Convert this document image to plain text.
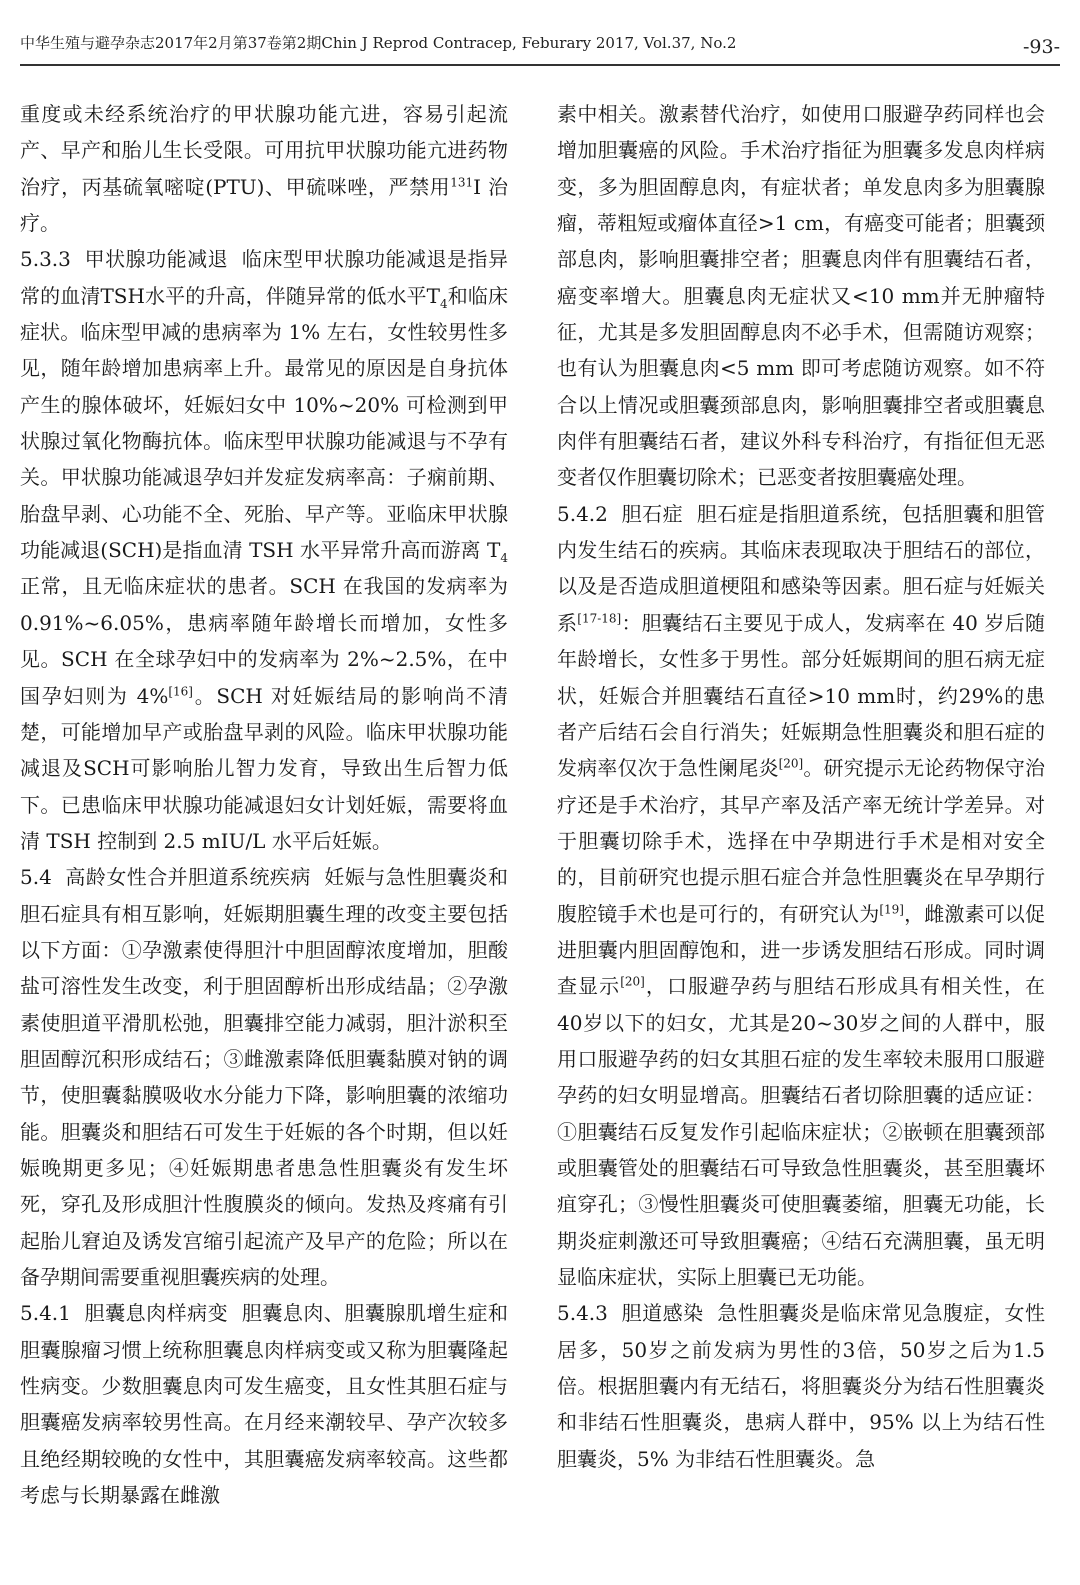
中华生殖与避孕杂志2017年2月第37卷第2期Chin J Reprod Contracep, Feburary 2017, Vol.37, No.2	-93-

重度或未经系统治疗的甲状腺功能亢进，容易引起流产、早产和胎儿生长受限。可用抗甲状腺功能亢进药物治疗，丙基硫氧嘧啶(PTU)、甲硫咪唑，严禁用$^{131}$I 治疗。

5.3.3  甲状腺功能减退  临床型甲状腺功能减退是指异常的血清TSH水平的升高，伴随异常的低水平$T_4$和临床症状。临床型甲减的患病率为 1% 左右，女性较男性多见，随年龄增加患病率上升。最常见的原因是自身抗体产生的腺体破坏，妊娠妇女中 10%~20% 可检测到甲状腺过氧化物酶抗体。临床型甲状腺功能减退与不孕有关。甲状腺功能减退孕妇并发症发病率高：子痫前期、胎盘早剥、心功能不全、死胎、早产等。亚临床甲状腺功能减退(SCH)是指血清 TSH 水平异常升高而游离 $T_4$ 正常，且无临床症状的患者。SCH 在我国的发病率为 0.91%~6.05%，患病率随年龄增长而增加，女性多见。SCH 在全球孕妇中的发病率为 2%~2.5%，在中国孕妇则为 4%[16]。SCH 对妊娠结局的影响尚不清楚，可能增加早产或胎盘早剥的风险。临床甲状腺功能减退及SCH可影响胎儿智力发育，导致出生后智力低下。已患临床甲状腺功能减退妇女计划妊娠，需要将血清 TSH 控制到 2.5 mIU/L 水平后妊娠。

5.4  高龄女性合并胆道系统疾病  妊娠与急性胆囊炎和胆石症具有相互影响，妊娠期胆囊生理的改变主要包括以下方面：①孕激素使得胆汁中胆固醇浓度增加，胆酸盐可溶性发生改变，利于胆固醇析出形成结晶；②孕激素使胆道平滑肌松弛，胆囊排空能力减弱，胆汁淤积至胆固醇沉积形成结石；③雌激素降低胆囊黏膜对钠的调节，使胆囊黏膜吸收水分能力下降，影响胆囊的浓缩功能。胆囊炎和胆结石可发生于妊娠的各个时期，但以妊娠晚期更多见；④妊娠期患者患急性胆囊炎有发生坏死，穿孔及形成胆汁性腹膜炎的倾向。发热及疼痛有引起胎儿窘迫及诱发宫缩引起流产及早产的危险；所以在备孕期间需要重视胆囊疾病的处理。

5.4.1  胆囊息肉样病变  胆囊息肉、胆囊腺肌增生症和胆囊腺瘤习惯上统称胆囊息肉样病变或又称为胆囊隆起性病变。少数胆囊息肉可发生癌变，且女性其胆石症与胆囊癌发病率较男性高。在月经来潮较早、孕产次较多且绝经期较晚的女性中，其胆囊癌发病率较高。这些都考虑与长期暴露在雌激

素中相关。激素替代治疗，如使用口服避孕药同样也会增加胆囊癌的风险。手术治疗指征为胆囊多发息肉样病变，多为胆固醇息肉，有症状者；单发息肉多为胆囊腺瘤，蒂粗短或瘤体直径>1 cm，有癌变可能者；胆囊颈部息肉，影响胆囊排空者；胆囊息肉伴有胆囊结石者，癌变率增大。胆囊息肉无症状又<10 mm并无肿瘤特征，尤其是多发胆固醇息肉不必手术，但需随访观察；也有认为胆囊息肉<5 mm 即可考虑随访观察。如不符合以上情况或胆囊颈部息肉，影响胆囊排空者或胆囊息肉伴有胆囊结石者，建议外科专科治疗，有指征但无恶变者仅作胆囊切除术；已恶变者按胆囊癌处理。

5.4.2  胆石症  胆石症是指胆道系统，包括胆囊和胆管内发生结石的疾病。其临床表现取决于胆结石的部位，以及是否造成胆道梗阻和感染等因素。胆石症与妊娠关系[17-18]：胆囊结石主要见于成人，发病率在 40 岁后随年龄增长，女性多于男性。部分妊娠期间的胆石病无症状，妊娠合并胆囊结石直径>10 mm时，约29%的患者产后结石会自行消失；妊娠期急性胆囊炎和胆石症的发病率仅次于急性阑尾炎[20]。研究提示无论药物保守治疗还是手术治疗，其早产率及活产率无统计学差异。对于胆囊切除手术，选择在中孕期进行手术是相对安全的，目前研究也提示胆石症合并急性胆囊炎在早孕期行腹腔镜手术也是可行的，有研究认为[19]，雌激素可以促进胆囊内胆固醇饱和，进一步诱发胆结石形成。同时调查显示[20]，口服避孕药与胆结石形成具有相关性，在40岁以下的妇女，尤其是20~30岁之间的人群中，服用口服避孕药的妇女其胆石症的发生率较未服用口服避孕药的妇女明显增高。胆囊结石者切除胆囊的适应证：①胆囊结石反复发作引起临床症状；②嵌顿在胆囊颈部或胆囊管处的胆囊结石可导致急性胆囊炎，甚至胆囊坏疽穿孔；③慢性胆囊炎可使胆囊萎缩，胆囊无功能，长期炎症刺激还可导致胆囊癌；④结石充满胆囊，虽无明显临床症状，实际上胆囊已无功能。

5.4.3  胆道感染  急性胆囊炎是临床常见急腹症，女性居多，50岁之前发病为男性的3倍，50岁之后为1.5倍。根据胆囊内有无结石，将胆囊炎分为结石性胆囊炎和非结石性胆囊炎，患病人群中，95% 以上为结石性胆囊炎，5% 为非结石性胆囊炎。急
